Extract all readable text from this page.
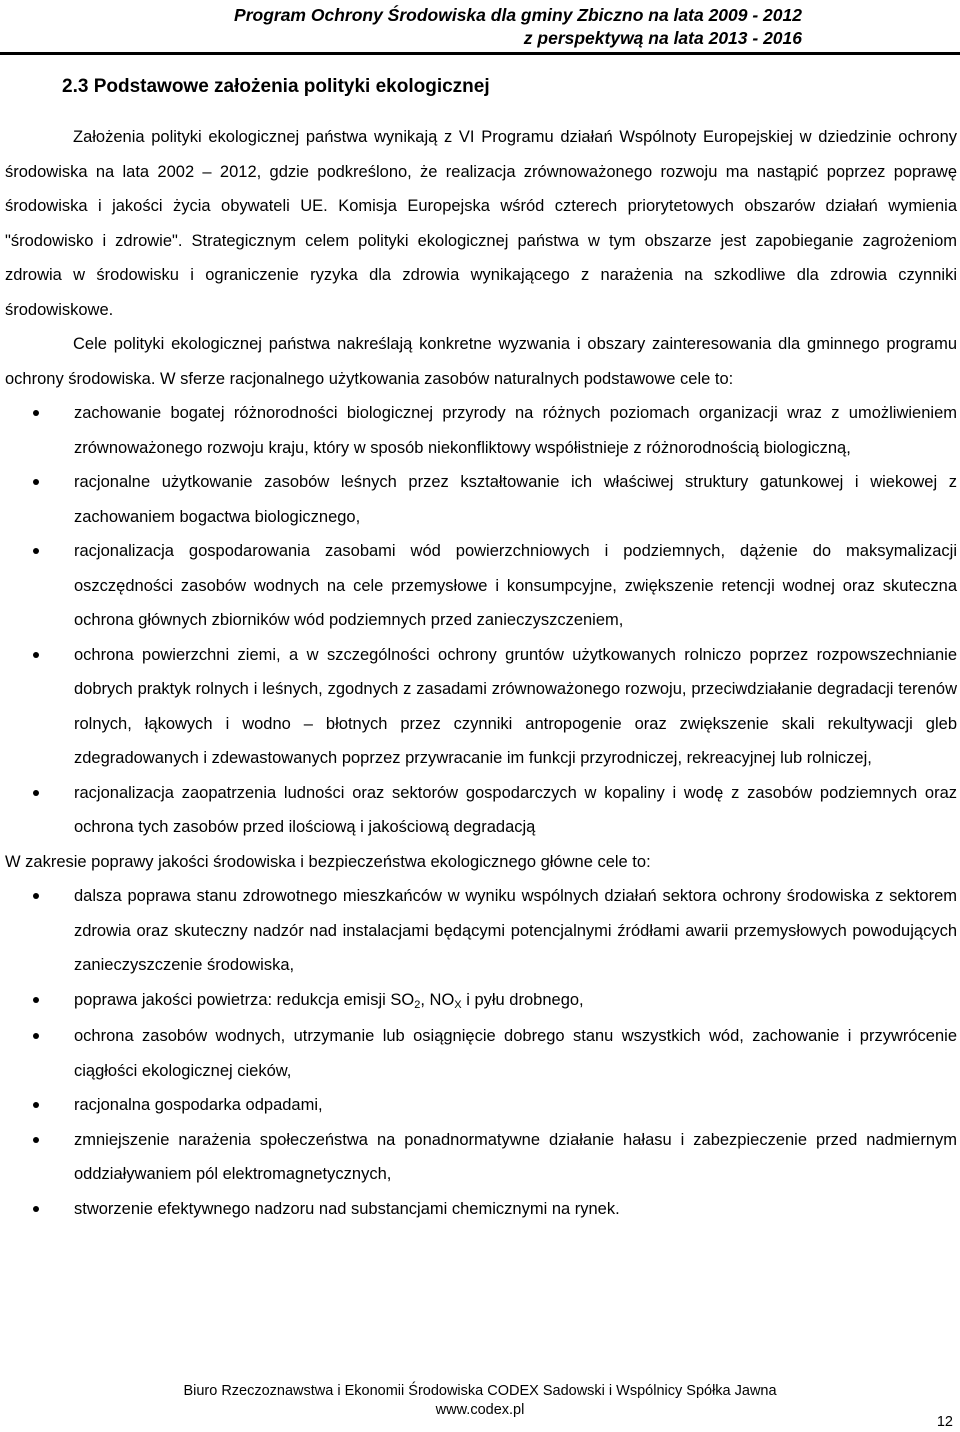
Program Ochrony Środowiska dla gminy Zbiczno na lata 2009 - 2012
z perspektywą na lata 2013 - 2016
2.3 Podstawowe założenia polityki ekologicznej

Założenia polityki ekologicznej państwa wynikają z VI Programu działań Wspólnoty Europejskiej w dziedzinie ochrony środowiska na lata 2002 – 2012, gdzie podkreślono, że realizacja zrównoważonego rozwoju ma nastąpić poprzez poprawę środowiska i jakości życia obywateli UE. Komisja Europejska wśród czterech priorytetowych obszarów działań wymienia "środowisko i zdrowie". Strategicznym celem polityki ekologicznej państwa w tym obszarze jest zapobieganie zagrożeniom zdrowia w środowisku i ograniczenie ryzyka dla zdrowia wynikającego z narażenia na szkodliwe dla zdrowia czynniki środowiskowe.

Cele polityki ekologicznej państwa nakreślają konkretne wyzwania i obszary zainteresowania dla gminnego programu ochrony środowiska. W sferze racjonalnego użytkowania zasobów naturalnych podstawowe cele to:

zachowanie bogatej różnorodności biologicznej przyrody na różnych poziomach organizacji wraz z umożliwieniem zrównoważonego rozwoju kraju, który w sposób niekonfliktowy współistnieje z różnorodnością biologiczną,
racjonalne użytkowanie zasobów leśnych przez kształtowanie ich właściwej struktury gatunkowej i wiekowej z zachowaniem bogactwa biologicznego,
racjonalizacja gospodarowania zasobami wód powierzchniowych i podziemnych, dążenie do maksymalizacji oszczędności zasobów wodnych na cele przemysłowe i konsumpcyjne, zwiększenie retencji wodnej oraz skuteczna ochrona głównych zbiorników wód podziemnych przed zanieczyszczeniem,
ochrona powierzchni ziemi, a w szczególności ochrony gruntów użytkowanych rolniczo poprzez rozpowszechnianie dobrych praktyk rolnych i leśnych, zgodnych z zasadami zrównoważonego rozwoju, przeciwdziałanie degradacji terenów rolnych, łąkowych i wodno – błotnych przez czynniki antropogenie oraz zwiększenie skali rekultywacji gleb zdegradowanych i zdewastowanych poprzez przywracanie im funkcji przyrodniczej, rekreacyjnej lub rolniczej,
racjonalizacja zaopatrzenia ludności oraz sektorów gospodarczych w kopaliny i wodę z zasobów podziemnych oraz ochrona tych zasobów przed ilościową i jakościową degradacją

W zakresie poprawy jakości środowiska i bezpieczeństwa ekologicznego główne cele to:

dalsza poprawa stanu zdrowotnego mieszkańców w wyniku wspólnych działań sektora ochrony środowiska z sektorem zdrowia oraz skuteczny nadzór nad instalacjami będącymi potencjalnymi źródłami awarii przemysłowych powodujących zanieczyszczenie środowiska,
poprawa jakości powietrza: redukcja emisji $SO_2$, $NO_X$ i pyłu drobnego,
ochrona zasobów wodnych, utrzymanie lub osiągnięcie dobrego stanu wszystkich wód, zachowanie i przywrócenie ciągłości ekologicznej cieków,
racjonalna gospodarka odpadami,
zmniejszenie narażenia społeczeństwa na ponadnormatywne działanie hałasu i zabezpieczenie przed nadmiernym oddziaływaniem pól elektromagnetycznych,
stworzenie efektywnego nadzoru nad substancjami chemicznymi na rynek.
Biuro Rzeczoznawstwa i Ekonomii Środowiska CODEX Sadowski i Wspólnicy Spółka Jawna
www.codex.pl
12
